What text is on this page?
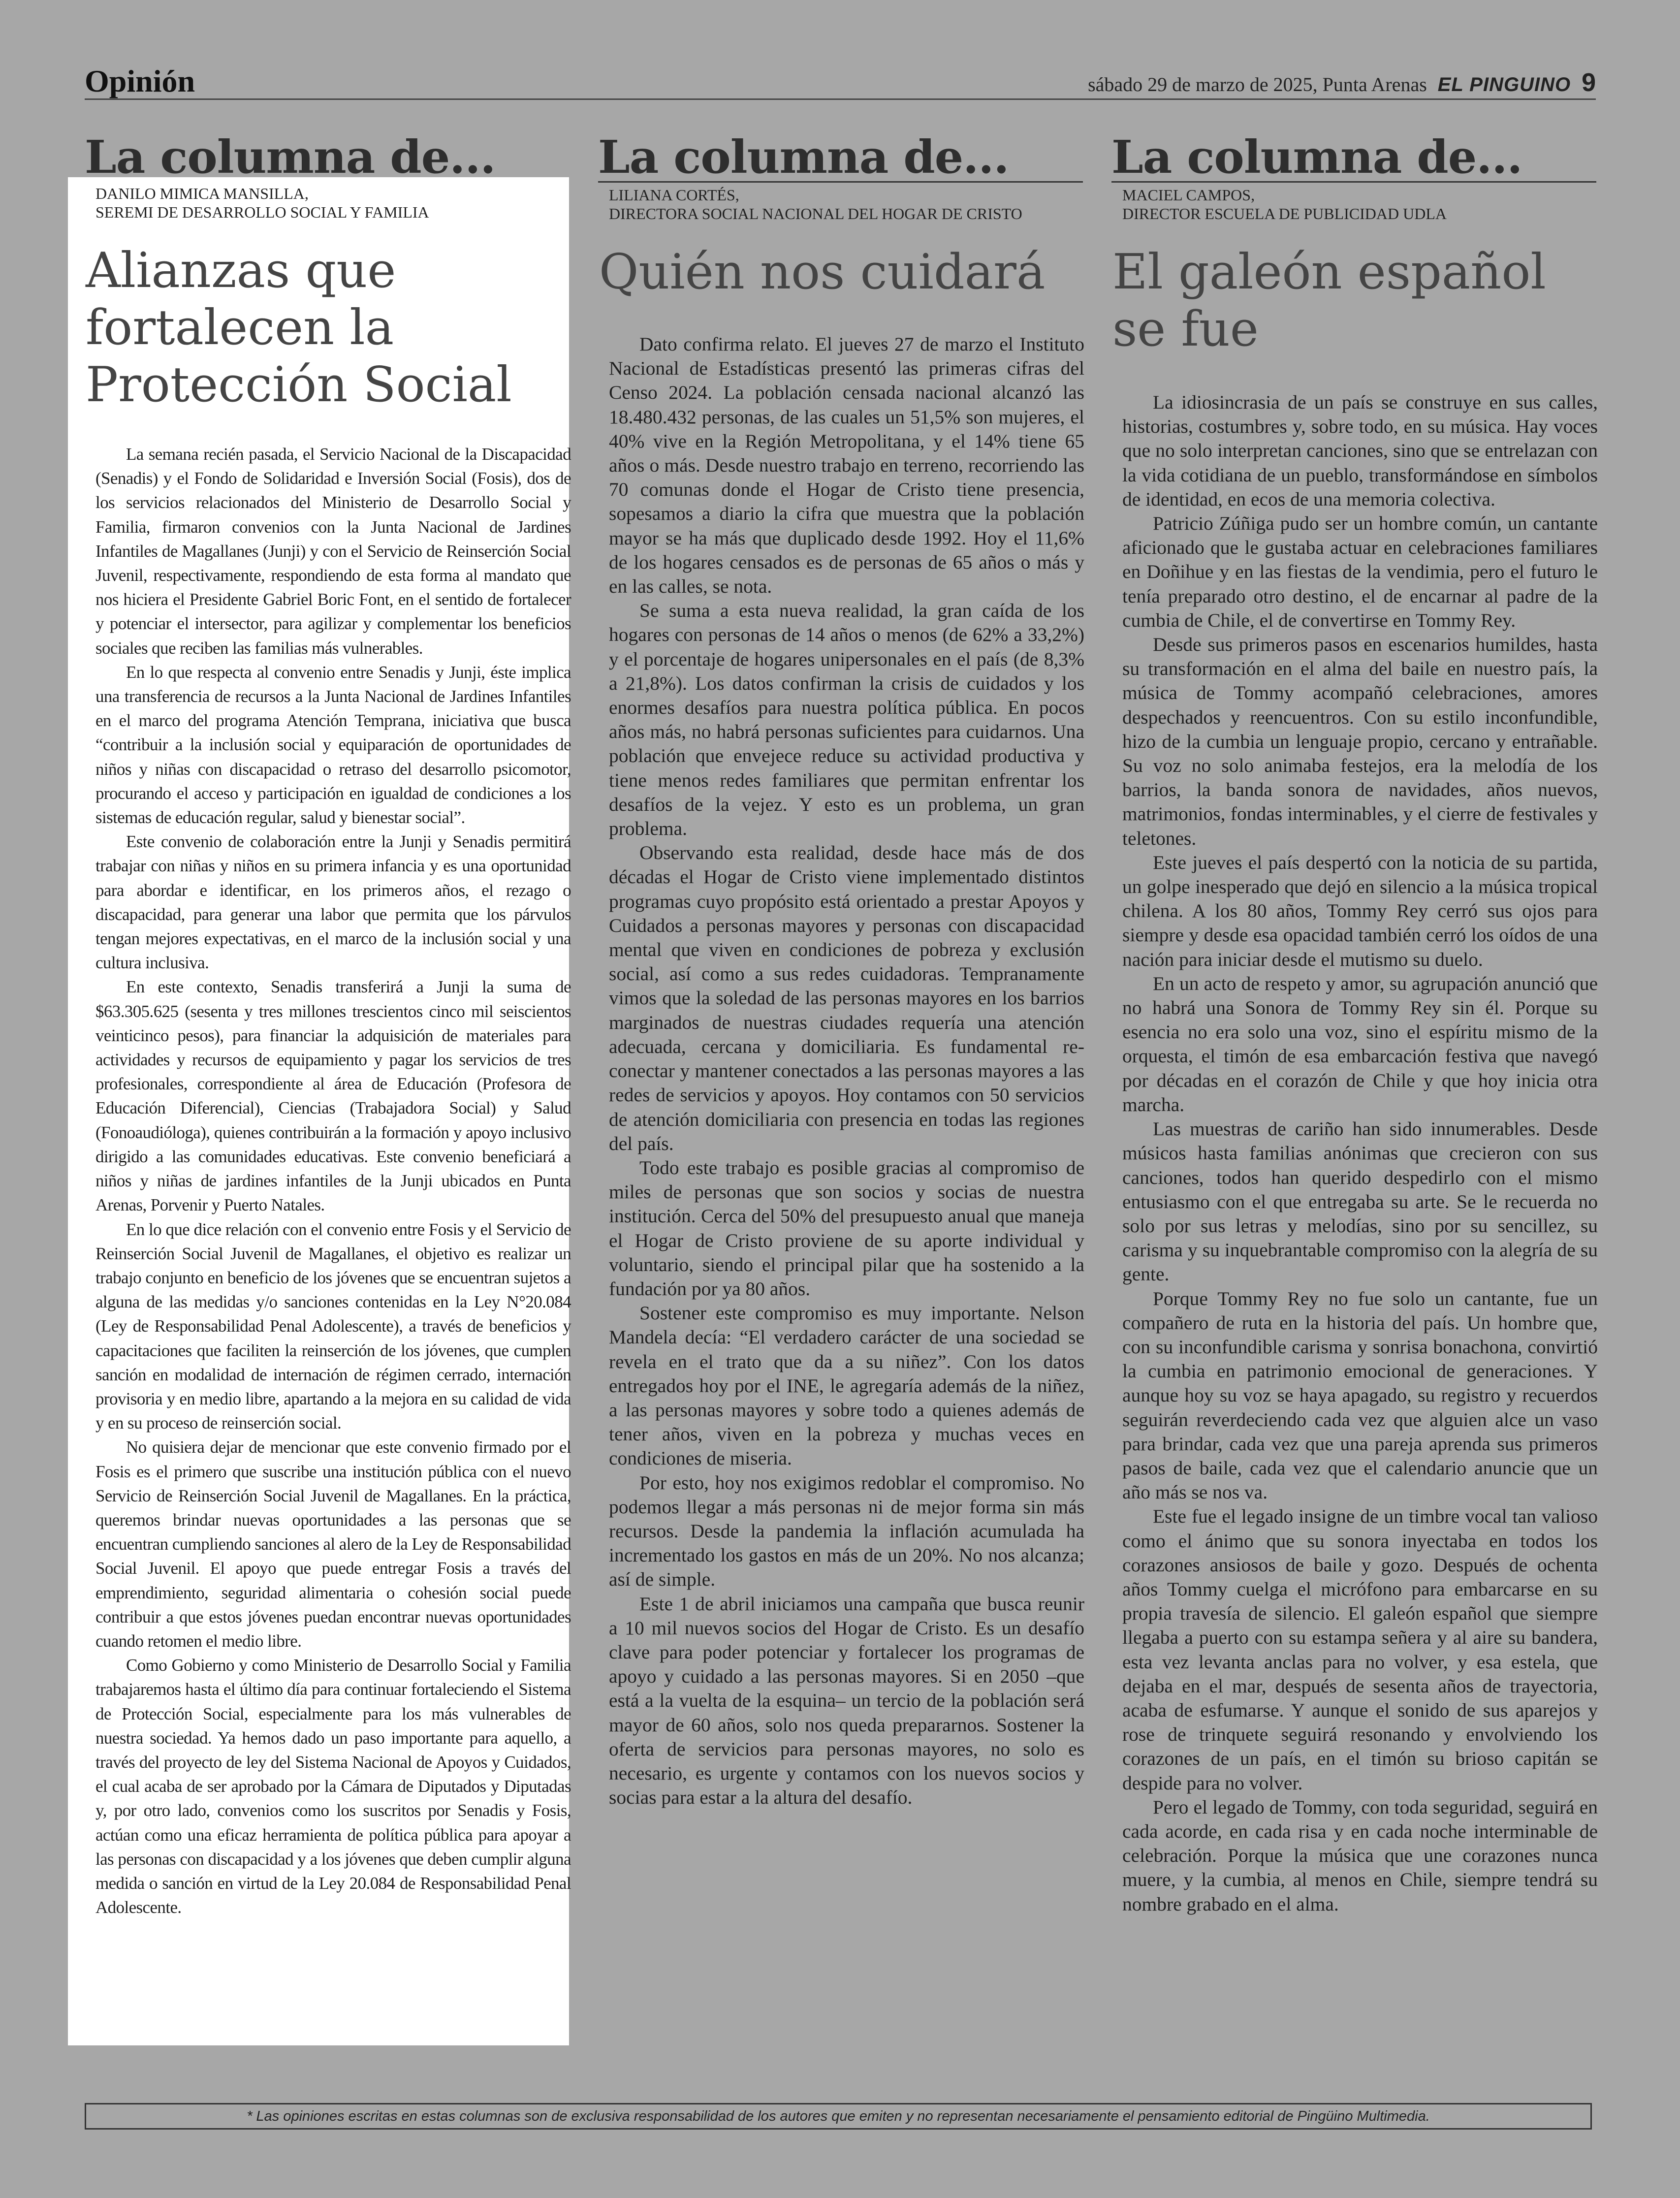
Opinión	sábado 29 de marzo de 2025, Punta Arenas EL PINGUINO 9
La columna de...
DANILO MIMICA MANSILLA,
SEREMI DE DESARROLLO SOCIAL Y FAMILIA
Alianzas que fortalecen la Protección Social

La semana recién pasada, el Servicio Nacional de la Discapacidad (Senadis) y el Fondo de Solidaridad e Inversión Social (Fosis), dos de los servicios relacionados del Ministerio de Desarrollo Social y Familia, firmaron convenios con la Junta Nacional de Jardines Infantiles de Magallanes (Junji) y con el Servicio de Reinserción Social Juvenil, respectivamente, respondiendo de esta forma al mandato que nos hiciera el Presidente Gabriel Boric Font, en el sentido de fortalecer y potenciar el intersector, para agilizar y complementar los beneficios sociales que reciben las familias más vulnerables.

En lo que respecta al convenio entre Senadis y Junji, éste implica una transferencia de recursos a la Junta Nacional de Jardines Infantiles en el marco del programa Atención Temprana, iniciativa que busca “contribuir a la inclusión social y equiparación de oportunidades de niños y niñas con discapacidad o retraso del desarrollo psicomotor, procurando el acceso y participación en igualdad de condiciones a los sistemas de educación regular, salud y bienestar social”.

Este convenio de colaboración entre la Junji y Senadis permitirá trabajar con niñas y niños en su primera infancia y es una oportunidad para abordar e identificar, en los primeros años, el rezago o discapacidad, para generar una labor que permita que los párvulos tengan mejores expectativas, en el marco de la inclusión social y una cultura inclusiva.

En este contexto, Senadis transferirá a Junji la suma de $63.305.625 (sesenta y tres millones trescientos cinco mil seiscientos veinticinco pesos), para financiar la adquisición de materiales para actividades y recursos de equipamiento y pagar los servicios de tres profesionales, correspondiente al área de Educación (Profesora de Educación Diferencial), Ciencias (Trabajadora Social) y Salud (Fonoaudióloga), quienes contribuirán a la formación y apoyo inclusivo dirigido a las comunidades educativas. Este convenio beneficiará a niños y niñas de jardines infantiles de la Junji ubicados en Punta Arenas, Porvenir y Puerto Natales.

En lo que dice relación con el convenio entre Fosis y el Servicio de Reinserción Social Juvenil de Magallanes, el objetivo es realizar un trabajo conjunto en beneficio de los jóvenes que se encuentran sujetos a alguna de las medidas y/o sanciones contenidas en la Ley N°20.084 (Ley de Responsabilidad Penal Adolescente), a través de beneficios y capacitaciones que faciliten la reinserción de los jóvenes, que cumplen sanción en modalidad de internación de régimen cerrado, internación provisoria y en medio libre, apartando a la mejora en su calidad de vida y en su proceso de reinserción social.

No quisiera dejar de mencionar que este convenio firmado por el Fosis es el primero que suscribe una institución pública con el nuevo Servicio de Reinserción Social Juvenil de Magallanes. En la práctica, queremos brindar nuevas oportunidades a las personas que se encuentran cumpliendo sanciones al alero de la Ley de Responsabilidad Social Juvenil. El apoyo que puede entregar Fosis a través del emprendimiento, seguridad alimentaria o cohesión social puede contribuir a que estos jóvenes puedan encontrar nuevas oportunidades cuando retomen el medio libre.

Como Gobierno y como Ministerio de Desarrollo Social y Familia trabajaremos hasta el último día para continuar fortaleciendo el Sistema de Protección Social, especialmente para los más vulnerables de nuestra sociedad. Ya hemos dado un paso importante para aquello, a través del proyecto de ley del Sistema Nacional de Apoyos y Cuidados, el cual acaba de ser aprobado por la Cámara de Diputados y Diputadas y, por otro lado, convenios como los suscritos por Senadis y Fosis, actúan como una eficaz herramienta de política pública para apoyar a las personas con discapacidad y a los jóvenes que deben cumplir alguna medida o sanción en virtud de la Ley 20.084 de Responsabilidad Penal Adolescente.

La columna de...
LILIANA CORTÉS,
DIRECTORA SOCIAL NACIONAL DEL HOGAR DE CRISTO
Quién nos cuidará

Dato confirma relato. El jueves 27 de marzo el Instituto Nacional de Estadísticas presentó las primeras cifras del Censo 2024. La población censada nacional alcanzó las 18.480.432 personas, de las cuales un 51,5% son mujeres, el 40% vive en la Región Metropolitana, y el 14% tiene 65 años o más. Desde nuestro trabajo en terreno, recorriendo las 70 comunas donde el Hogar de Cristo tiene presencia, sopesamos a diario la cifra que muestra que la población mayor se ha más que duplicado desde 1992. Hoy el 11,6% de los hogares censados es de personas de 65 años o más y en las calles, se nota.

Se suma a esta nueva realidad, la gran caída de los hogares con personas de 14 años o menos (de 62% a 33,2%) y el porcentaje de hogares unipersonales en el país (de 8,3% a 21,8%). Los datos confirman la crisis de cuidados y los enormes desafíos para nuestra política pública. En pocos años más, no habrá personas suficientes para cuidarnos. Una población que envejece reduce su actividad productiva y tiene menos redes familiares que permitan enfrentar los desafíos de la vejez. Y esto es un problema, un gran problema.

Observando esta realidad, desde hace más de dos décadas el Hogar de Cristo viene implementado distintos programas cuyo propósito está orientado a prestar Apoyos y Cuidados a personas mayores y personas con discapacidad mental que viven en condiciones de pobreza y exclusión social, así como a sus redes cuidadoras. Tempranamente vimos que la soledad de las personas mayores en los barrios marginados de nuestras ciudades requería una atención adecuada, cercana y domiciliaria. Es fundamental re-conectar y mantener conectados a las personas mayores a las redes de servicios y apoyos. Hoy contamos con 50 servicios de atención domiciliaria con presencia en todas las regiones del país.

Todo este trabajo es posible gracias al compromiso de miles de personas que son socios y socias de nuestra institución. Cerca del 50% del presupuesto anual que maneja el Hogar de Cristo proviene de su aporte individual y voluntario, siendo el principal pilar que ha sostenido a la fundación por ya 80 años.

Sostener este compromiso es muy importante. Nelson Mandela decía: “El verdadero carácter de una sociedad se revela en el trato que da a su niñez”. Con los datos entregados hoy por el INE, le agregaría además de la niñez, a las personas mayores y sobre todo a quienes además de tener años, viven en la pobreza y muchas veces en condiciones de miseria.

Por esto, hoy nos exigimos redoblar el compromiso. No podemos llegar a más personas ni de mejor forma sin más recursos. Desde la pandemia la inflación acumulada ha incrementado los gastos en más de un 20%. No nos alcanza; así de simple.

Este 1 de abril iniciamos una campaña que busca reunir a 10 mil nuevos socios del Hogar de Cristo. Es un desafío clave para poder potenciar y fortalecer los programas de apoyo y cuidado a las personas mayores. Si en 2050 –que está a la vuelta de la esquina– un tercio de la población será mayor de 60 años, solo nos queda prepararnos. Sostener la oferta de servicios para personas mayores, no solo es necesario, es urgente y contamos con los nuevos socios y socias para estar a la altura del desafío.

La columna de...
MACIEL CAMPOS,
DIRECTOR ESCUELA DE PUBLICIDAD UDLA
El galeón español se fue

La idiosincrasia de un país se construye en sus calles, historias, costumbres y, sobre todo, en su música. Hay voces que no solo interpretan canciones, sino que se entrelazan con la vida cotidiana de un pueblo, transformándose en símbolos de identidad, en ecos de una memoria colectiva.

Patricio Zúñiga pudo ser un hombre común, un cantante aficionado que le gustaba actuar en celebraciones familiares en Doñihue y en las fiestas de la vendimia, pero el futuro le tenía preparado otro destino, el de encarnar al padre de la cumbia de Chile, el de convertirse en Tommy Rey.

Desde sus primeros pasos en escenarios humildes, hasta su transformación en el alma del baile en nuestro país, la música de Tommy acompañó celebraciones, amores despechados y reencuentros. Con su estilo inconfundible, hizo de la cumbia un lenguaje propio, cercano y entrañable. Su voz no solo animaba festejos, era la melodía de los barrios, la banda sonora de navidades, años nuevos, matrimonios, fondas interminables, y el cierre de festivales y teletones.

Este jueves el país despertó con la noticia de su partida, un golpe inesperado que dejó en silencio a la música tropical chilena. A los 80 años, Tommy Rey cerró sus ojos para siempre y desde esa opacidad también cerró los oídos de una nación para iniciar desde el mutismo su duelo.

En un acto de respeto y amor, su agrupación anunció que no habrá una Sonora de Tommy Rey sin él. Porque su esencia no era solo una voz, sino el espíritu mismo de la orquesta, el timón de esa embarcación festiva que navegó por décadas en el corazón de Chile y que hoy inicia otra marcha.

Las muestras de cariño han sido innumerables. Desde músicos hasta familias anónimas que crecieron con sus canciones, todos han querido despedirlo con el mismo entusiasmo con el que entregaba su arte. Se le recuerda no solo por sus letras y melodías, sino por su sencillez, su carisma y su inquebrantable compromiso con la alegría de su gente.

Porque Tommy Rey no fue solo un cantante, fue un compañero de ruta en la historia del país. Un hombre que, con su inconfundible carisma y sonrisa bonachona, convirtió la cumbia en patrimonio emocional de generaciones. Y aunque hoy su voz se haya apagado, su registro y recuerdos seguirán reverdeciendo cada vez que alguien alce un vaso para brindar, cada vez que una pareja aprenda sus primeros pasos de baile, cada vez que el calendario anuncie que un año más se nos va.

Este fue el legado insigne de un timbre vocal tan valioso como el ánimo que su sonora inyectaba en todos los corazones ansiosos de baile y gozo. Después de ochenta años Tommy cuelga el micrófono para embarcarse en su propia travesía de silencio. El galeón español que siempre llegaba a puerto con su estampa señera y al aire su bandera, esta vez levanta anclas para no volver, y esa estela, que dejaba en el mar, después de sesenta años de trayectoria, acaba de esfumarse. Y aunque el sonido de sus aparejos y rose de trinquete seguirá resonando y envolviendo los corazones de un país, en el timón su brioso capitán se despide para no volver.

Pero el legado de Tommy, con toda seguridad, seguirá en cada acorde, en cada risa y en cada noche interminable de celebración. Porque la música que une corazones nunca muere, y la cumbia, al menos en Chile, siempre tendrá su nombre grabado en el alma.

* Las opiniones escritas en estas columnas son de exclusiva responsabilidad de los autores que emiten y no representan necesariamente el pensamiento editorial de Pingüino Multimedia.
